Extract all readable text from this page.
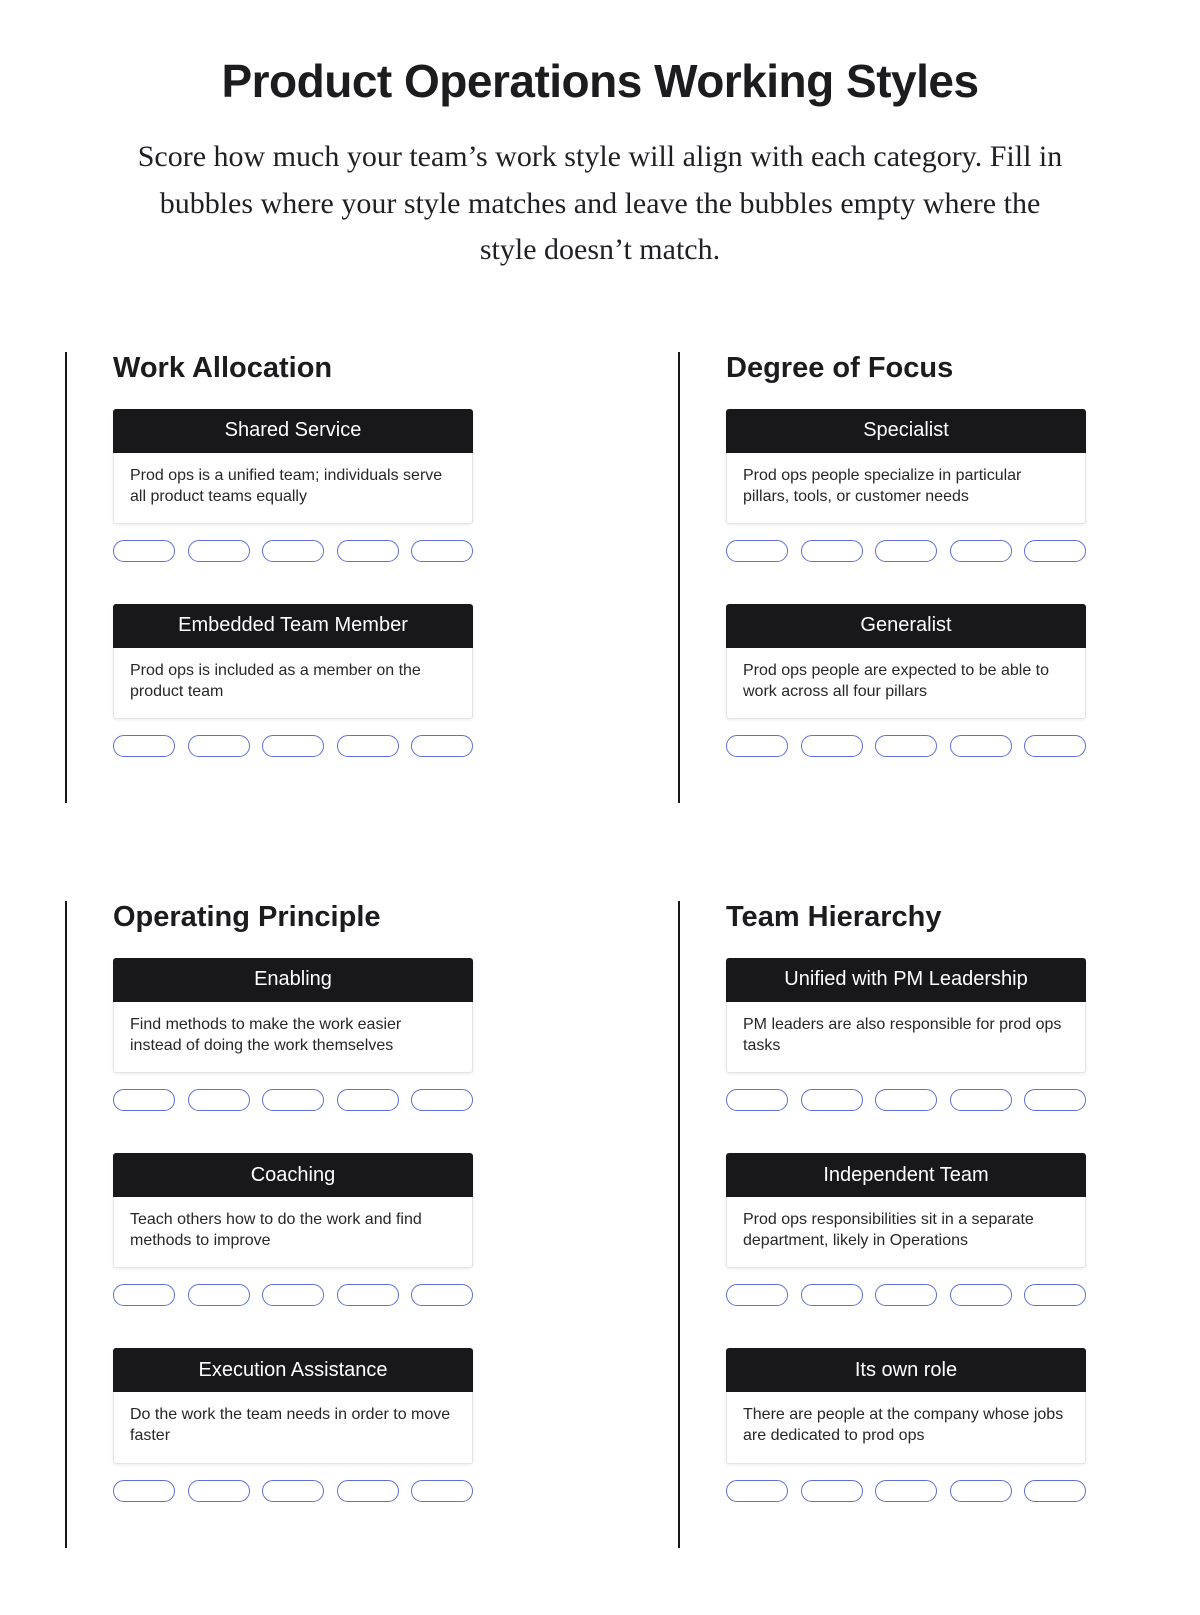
Product Operations Working Styles

Score how much your team’s work style will align with each category. Fill in bubbles where your style matches and leave the bubbles empty where the style doesn’t match.

Work Allocation
Shared Service
Prod ops is a unified team; individuals serve all product teams equally
Embedded Team Member
Prod ops is included as a member on the product team
Degree of Focus
Specialist
Prod ops people specialize in particular pillars, tools, or customer needs
Generalist
Prod ops people are expected to be able to work across all four pillars
Operating Principle
Enabling
Find methods to make the work easier instead of doing the work themselves
Coaching
Teach others how to do the work and find methods to improve
Execution Assistance
Do the work the team needs in order to move faster
Team Hierarchy
Unified with PM Leadership
PM leaders are also responsible for prod ops tasks
Independent Team
Prod ops responsibilities sit in a separate department, likely in Operations
Its own role
There are people at the company whose jobs are dedicated to prod ops
